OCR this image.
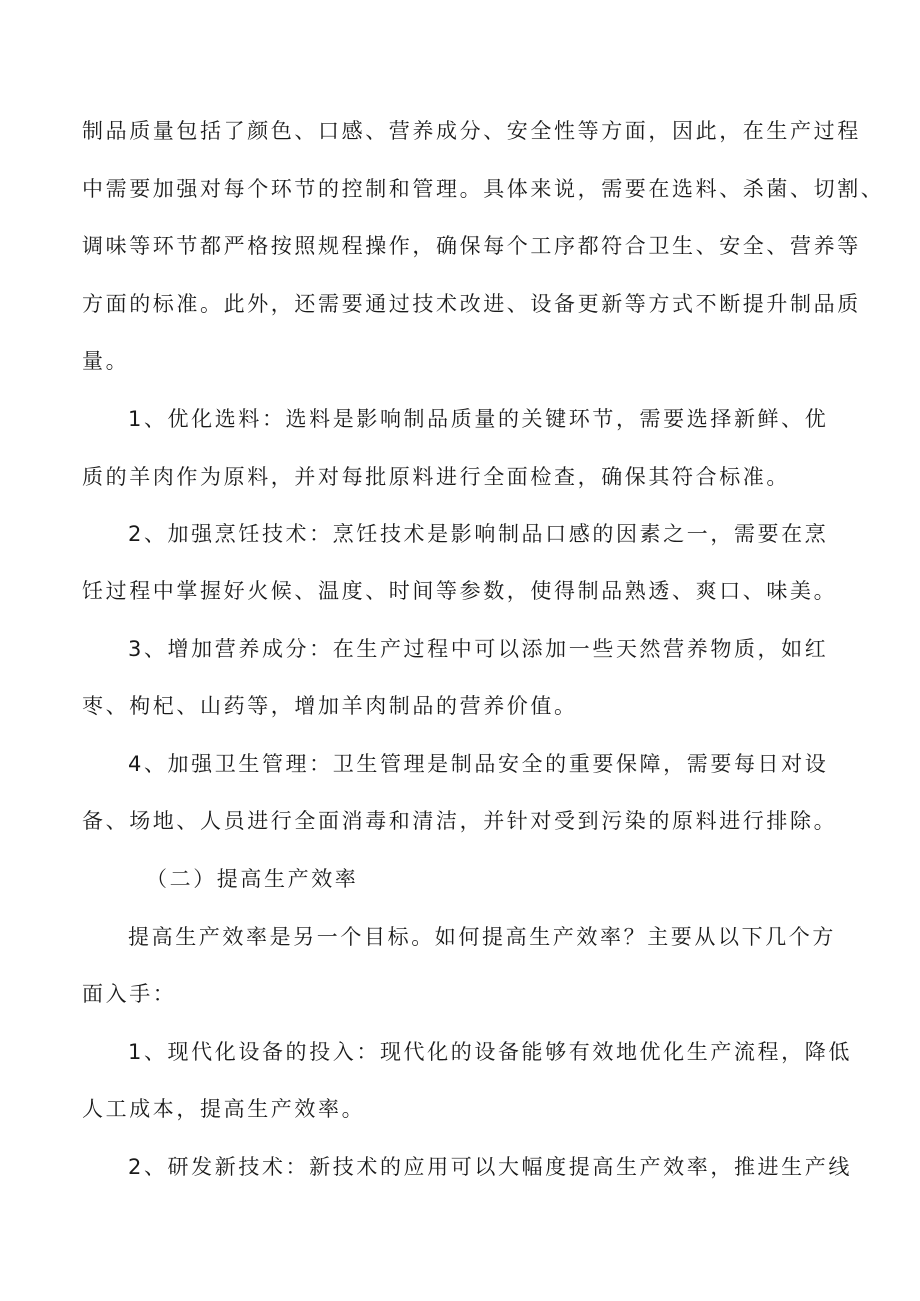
制品质量包括了颜色、口感、营养成分、安全性等方面，因此，在生产过程
中需要加强对每个环节的控制和管理。具体来说，需要在选料、杀菌、切割、
调味等环节都严格按照规程操作，确保每个工序都符合卫生、安全、营养等
方面的标准。此外，还需要通过技术改进、设备更新等方式不断提升制品质
量。
1、优化选料：选料是影响制品质量的关键环节，需要选择新鲜、优
质的羊肉作为原料，并对每批原料进行全面检查，确保其符合标准。
2、加强烹饪技术：烹饪技术是影响制品口感的因素之一，需要在烹
饪过程中掌握好火候、温度、时间等参数，使得制品熟透、爽口、味美。
3、增加营养成分：在生产过程中可以添加一些天然营养物质，如红
枣、枸杞、山药等，增加羊肉制品的营养价值。
4、加强卫生管理：卫生管理是制品安全的重要保障，需要每日对设
备、场地、人员进行全面消毒和清洁，并针对受到污染的原料进行排除。
（二）提高生产效率
提高生产效率是另一个目标。如何提高生产效率？主要从以下几个方
面入手：
1、现代化设备的投入：现代化的设备能够有效地优化生产流程，降低
人工成本，提高生产效率。
2、研发新技术：新技术的应用可以大幅度提高生产效率，推进生产线
